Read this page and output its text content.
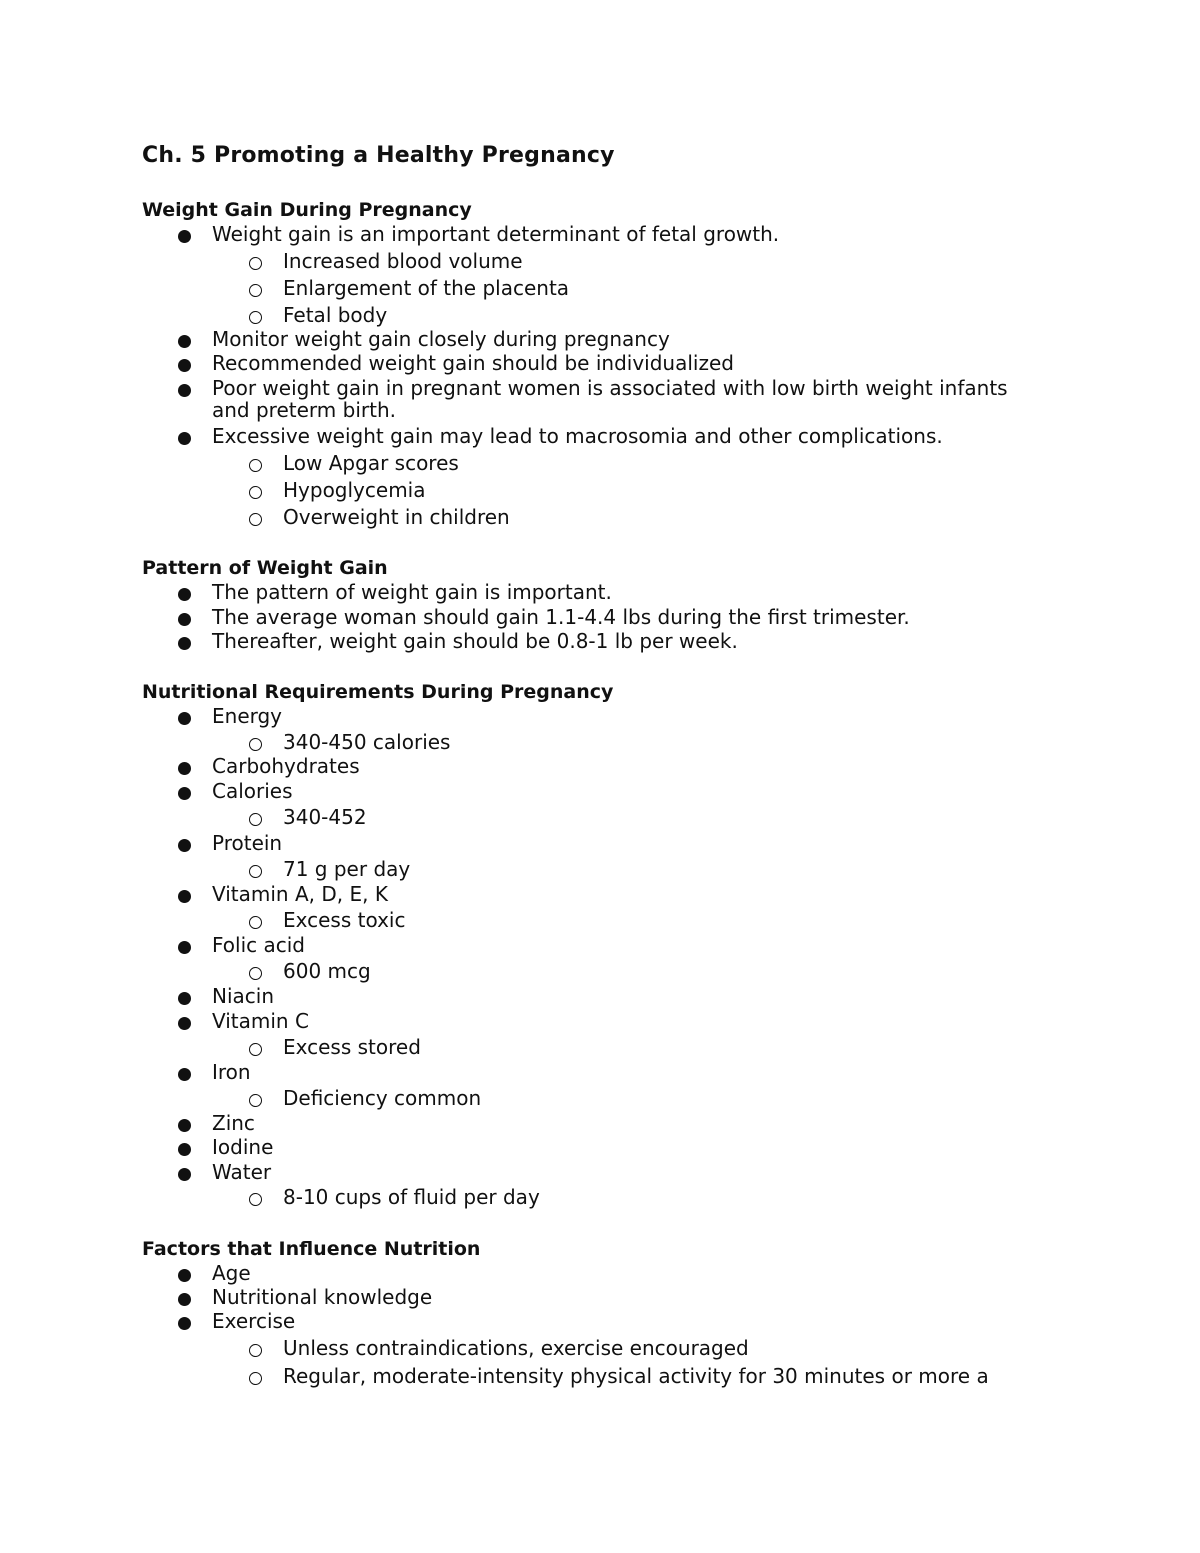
Ch. 5 Promoting a Healthy Pregnancy
Weight Gain During Pregnancy
Weight gain is an important determinant of fetal growth.
Increased blood volume
Enlargement of the placenta
Fetal body
Monitor weight gain closely during pregnancy
Recommended weight gain should be individualized
Poor weight gain in pregnant women is associated with low birth weight infants
and preterm birth.
Excessive weight gain may lead to macrosomia and other complications.
Low Apgar scores
Hypoglycemia
Overweight in children
Pattern of Weight Gain
The pattern of weight gain is important.
The average woman should gain 1.1-4.4 lbs during the first trimester.
Thereafter, weight gain should be 0.8-1 lb per week.
Nutritional Requirements During Pregnancy
Energy
340-450 calories
Carbohydrates
Calories
340-452
Protein
71 g per day
Vitamin A, D, E, K
Excess toxic
Folic acid
600 mcg
Niacin
Vitamin C
Excess stored
Iron
Deficiency common
Zinc
Iodine
Water
8-10 cups of fluid per day
Factors that Influence Nutrition
Age
Nutritional knowledge
Exercise
Unless contraindications, exercise encouraged
Regular, moderate-intensity physical activity for 30 minutes or more a
